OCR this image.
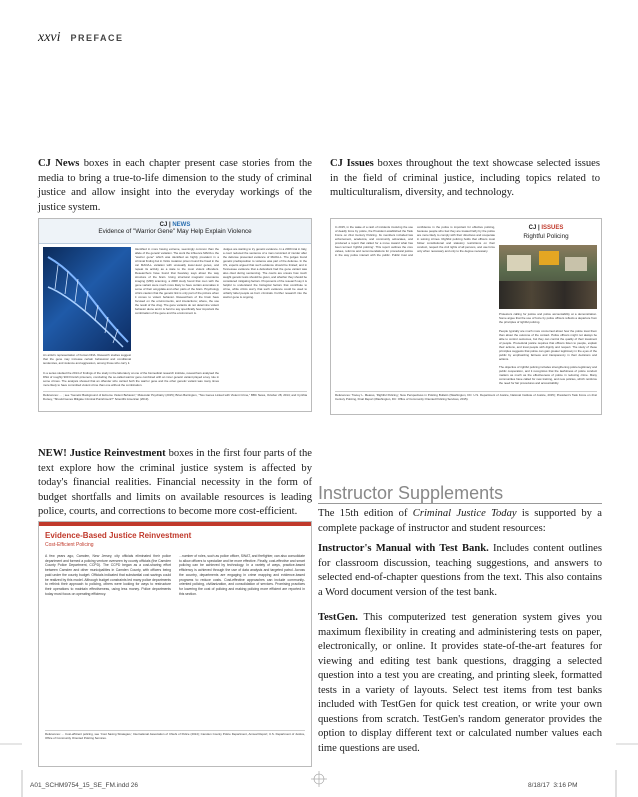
xxvi PREFACE
CJ News boxes in each chapter present case stories from the media to bring a true-to-life dimension to the study of criminal justice and allow insight into the everyday workings of the justice system.
CJ Issues boxes throughout the text showcase selected issues in the field of criminal justice, including topics related to multiculturalism, diversity, and technology.
CJ | NEWS
Evidence of "Warrior Gene" May Help Explain Violence
Identified in more having extreme, seemingly common than the allele of the genetic variation. The work the influence MAOA-L the "warrior gene" which was identified as highly prevalent in a criminal finding but in Vicks mutation prison found the fraud in the car MAOA-L variation with unusually lower-level genes, and repeat its activity as a state to the most violent offenders. Researchers have found that Kearsley says about the way structure of the brain. Using structural magnetic resonance imaging (MRI) scanning, a 2008 study found that men with the gene variant were much more likely to have certain anomalies in some of their amygdala and other parts of the brain. Psychology critics caution that the genetic link is only part of the picture when it comes to violent behavior. Researchers of the brain have focused on the environments, and interactions; where, the use the result of the drug. The gene variants do not determine violent behavior alone and it is hard to say specifically how important the combination of the gene and the environment is.
Judges are starting to try genetic evidence. In a 2009 trial in Italy, a court reduced the sentence of a man convicted of murder after the defense presented evidence of MAOA-L. The judges found genetic predisposition to violence was part of the defense. In the US, experts argued that such evidence should be limited; and in Tennessee evidence that a defendant had the gene variant was also cited during sentencing. The courts are unsure how much weight genetic tests should be given, and whether they should be considered mitigating factors. Proponents of the research say it is helpful to understand the biological factors that contribute to crime, while critics worry that such evidence could be used to unfairly label people as born criminals. Further research into the warrior gene is ongoing.
An artist's representation of human DNA. Research studies suggest that the gene may increase certain behavioral and conditional tendencies, and violence and aggression, among those who carry it.
In a series studied the 2014 of findings of the study in the laboratory at one of the biomedical research institute, researchers analysed the DNA of roughly 900 Finnish prisoners, concluding the so-called warrior gene combined with an inner genetic variant played a key role in some crimes. The analysis showed that an offender who carried both the warrior gene and the other genetic variant was many times more likely to have committed violent crime than one without the combination.
References: ... ; see "Genetic Background of Extreme Violent Behavior," Molecular Psychiatry (2015); Brian Barrington, "Two Genes Linked with Violent Crime," BBC News, October 28, 2014; and Cynthia Dorsey, "Should Genes Mitigate Criminal Punishment?" Scientific American (2013).
CJ | ISSUES
Rightful Policing
In 2015, in the wake of a rash of incidents involving the use of deadly force by police, the President established the Task Force on 21st Century Policing. Its members included law enforcement, academia, and community advocates, and produced a report that called for a move toward what has been termed 'rightful policing'. This report outlines the core values, reforms and recommendations for procedural justice in the way police interact with the public. Public trust and confidence in the police is important for effective policing, because people who feel they are treated fairly by the police are more likely to comply with their directives and cooperate in solving crimes. Rightful policing holds that officers must follow constitutional and statutory restrictions on their conduct, respect the civil rights of all persons, and use force only when necessary and only to the degree necessary.
Protestors calling for justice and police accountability at a demonstration. Some argue that the use of force by police officers reflects a departure from the principles of rightful policing.
People typically are much more concerned about how the police treat them than about the outcome of the contact. Police officers might not always be able to control outcomes, but they can control the quality of their treatment of people. Procedural justice requires that officers listen to people, explain their actions, and treat people with dignity and respect. The study of these principles suggests that police can gain greater legitimacy in the eyes of the public by emphasizing fairness and transparency in their decisions and actions.
The objective of rightful policing includes strengthening police legitimacy and public cooperation, and it recognizes that the lawfulness of police conduct matters as much as the effectiveness of police in reducing crime. Many communities have called for new training, and new policies, which reinforce the need for fair procedures and accountability.
References: Tracey L. Meares, 'Rightful Policing,' New Perspectives in Policing Bulletin (Washington, DC: U.S. Department of Justice, National Institute of Justice, 2015); President's Task Force on 21st Century Policing, Final Report (Washington, DC: Office of Community Oriented Policing Services, 2015).
NEW! Justice Reinvestment boxes in the first four parts of the text explore how the criminal justice system is affected by today's financial realities. Financial necessity in the form of budget shortfalls and limits on available resources is leading police, courts, and corrections to become more cost-efficient.
Evidence-Based Justice Reinvestment
Cost-Efficient Policing
A few years ago, Camden, New Jersey, city officials eliminated their police department and formed a policing venture overseen by county officials (the Camden County Police Department, CCPD). The CCPD began as a cost-sharing effort between Camden and other municipalities in Camden County, with officers being paid under the county budget. Officials indicated that substantial cost savings could be realized by this model. Although budget constraints led many police departments to rethink their approach to policing, others were looking for ways to restructure their operations to maintain effectiveness, using less money. Police departments today must focus on operating efficiency.
...number of roles, such as police officer, SWAT, and firefighter, can also consolidate to allow officers to specialize and be more effective. Finally, cost-effective and smart policing can be achieved by technology. In a variety of ways, practice-based efficiency is achieved through the use of data analysis and targeted patrol. Across the country, departments are engaging in crime mapping and evidence-based programs to reduce costs. Cost-effective approaches can include community-oriented policing, civilianization, and consolidation of services. Promising practices for lowering the cost of policing and making policing more efficient are reported in this section.
References: ... Cost-efficient policing, see 'Cost Saving Strategies,' International Association of Chiefs of Police (2014); Camden County Police Department, Annual Report; U.S. Department of Justice, Office of Community Oriented Policing Services.
Instructor Supplements
The 15th edition of Criminal Justice Today is supported by a complete package of instructor and student resources:
Instructor's Manual with Test Bank. Includes content outlines for classroom discussion, teaching suggestions, and answers to selected end-of-chapter questions from the text. This also contains a Word document version of the test bank.
TestGen. This computerized test generation system gives you maximum flexibility in creating and administering tests on paper, electronically, or online. It provides state-of-the-art features for viewing and editing test bank questions, dragging a selected question into a test you are creating, and printing sleek, formatted tests in a variety of layouts. Select test items from test banks included with TestGen for quick test creation, or write your own questions from scratch. TestGen's random generator provides the option to display different text or calculated number values each time questions are used.
A01_SCHM9754_15_SE_FM.indd 26	8/18/17 3:16 PM
